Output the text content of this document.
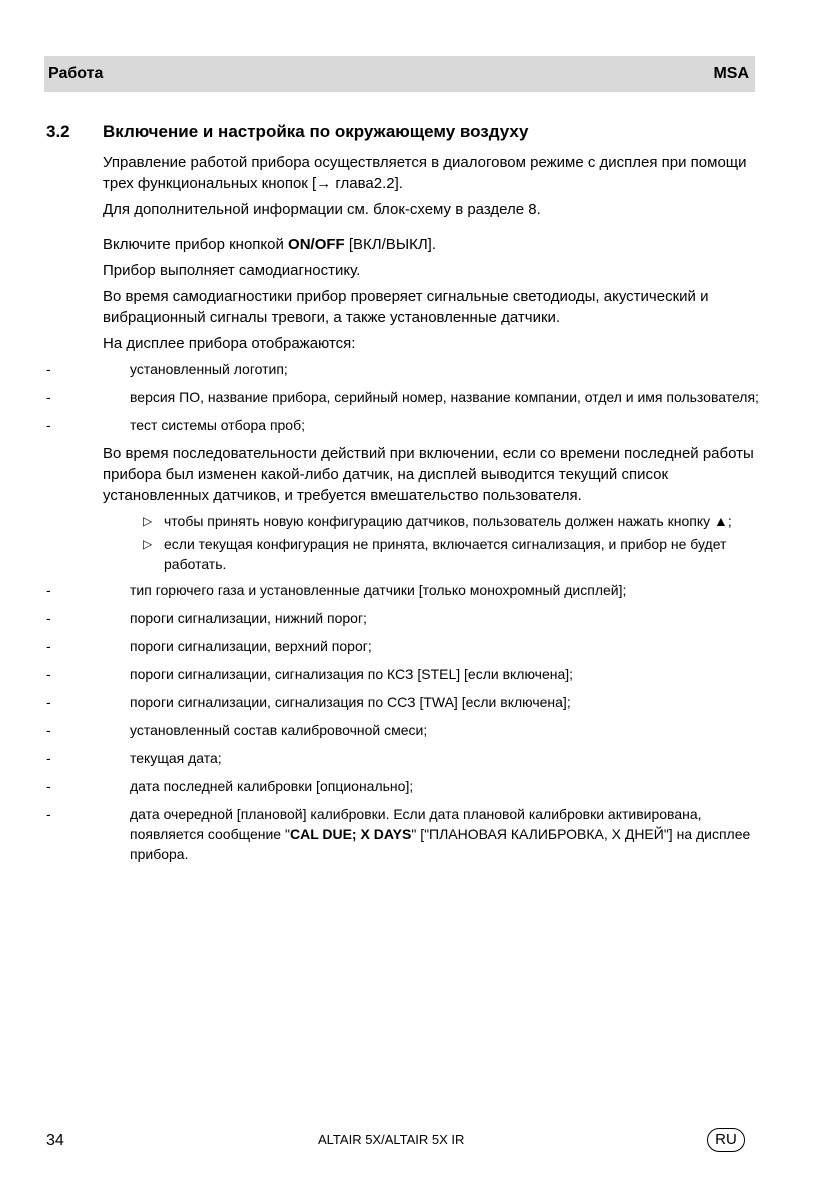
Работа	MSA
3.2 Включение и настройка по окружающему воздуху

Управление работой прибора осуществляется в диалоговом режиме с дисплея при помощи трех функциональных кнопок [→ глава2.2].

Для дополнительной информации см. блок-схему в разделе 8.

Включите прибор кнопкой ON/OFF [ВКЛ/ВЫКЛ].

Прибор выполняет самодиагностику.

Во время самодиагностики прибор проверяет сигнальные светодиоды, акустический и вибрационный сигналы тревоги, а также установленные датчики.

На дисплее прибора отображаются:

-	установленный логотип;
-	версия ПО, название прибора, серийный номер, название компании, отдел и имя пользователя;
-	тест системы отбора проб;

Во время последовательности действий при включении, если со времени последней работы прибора был изменен какой-либо датчик, на дисплей выводится текущий список установленных датчиков, и требуется вмешательство пользователя.

▷ чтобы принять новую конфигурацию датчиков, пользователь должен нажать кнопку ▲;
▷ если текущая конфигурация не принята, включается сигнализация, и прибор не будет работать.
-	тип горючего газа и установленные датчики [только монохромный дисплей];
-	пороги сигнализации, нижний порог;
-	пороги сигнализации, верхний порог;
-	пороги сигнализации, сигнализация по КСЗ [STEL] [если включена];
-	пороги сигнализации, сигнализация по ССЗ [TWA] [если включена];
-	установленный состав калибровочной смеси;
-	текущая дата;
-	дата последней калибровки [опционально];
-	дата очередной [плановой] калибровки. Если дата плановой калибровки активирована, появляется сообщение "CAL DUE; X DAYS" ["ПЛАНОВАЯ КАЛИБРОВКА, X ДНЕЙ"] на дисплее прибора.
34	ALTAIR 5X/ALTAIR 5X IR	RU
